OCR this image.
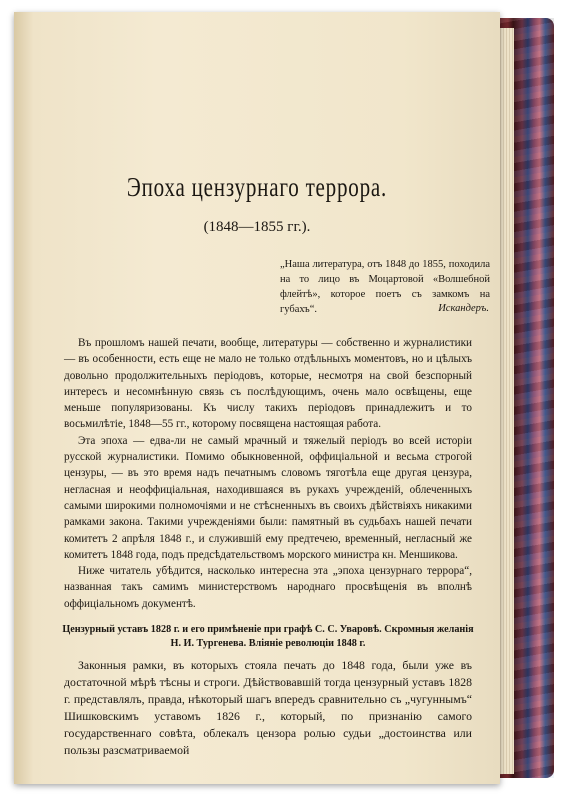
Эпоха цензурнаго террора.
(1848—1855 гг.).
„Наша литература, отъ 1848 до 1855, походила на то лицо въ Моцартовой «Волшебной флейтѣ», которое поетъ съ замкомъ на губахъ“.	Искандеръ.

Въ прошломъ нашей печати, вообще, литературы — собственно и журналистики — въ особенности, есть еще не мало не только отдѣльныхъ моментовъ, но и цѣлыхъ довольно продолжительныхъ періодовъ, которые, несмотря на свой безспорный интересъ и несомнѣнную связь съ послѣдующимъ, очень мало освѣщены, еще меньше популяризованы. Къ числу такихъ періодовъ принадлежитъ и то восьмилѣтіе, 1848—55 гг., которому посвящена настоящая работа.

Эта эпоха — едва-ли не самый мрачный и тяжелый періодъ во всей исторіи русской журналистики. Помимо обыкновенной, оффиціальной и весьма строгой цензуры, — въ это время надъ печатнымъ словомъ тяготѣла еще другая цензура, негласная и неоффиціальная, находившаяся въ рукахъ учрежденій, облеченныхъ самыми широкими полномочіями и не стѣсненныхъ въ своихъ дѣйствіяхъ никакими рамками закона. Такими учрежденіями были: памятный въ судьбахъ нашей печати комитетъ 2 апрѣля 1848 г., и служившій ему предтечею, временный, негласный же комитетъ 1848 года, подъ предсѣдательствомъ морского министра кн. Меншикова.

Ниже читатель убѣдится, насколько интересна эта „эпоха цензурнаго террора“, названная такъ самимъ министерствомъ народнаго просвѣщенія въ вполнѣ оффиціальномъ документѣ.

Цензурный уставъ 1828 г. и его примѣненіе при графѣ С. С. Уваровѣ. Скромныя желанія Н. И. Тургенева. Вліяніе революціи 1848 г.

Законныя рамки, въ которыхъ стояла печать до 1848 года, были уже въ достаточной мѣрѣ тѣсны и строги. Дѣйствовавшій тогда цензурный уставъ 1828 г. представлялъ, правда, нѣкоторый шагъ впередъ сравнительно съ „чугуннымъ“ Шишковскимъ уставомъ 1826 г., который, по признанію самого государственнаго совѣта, облекалъ цензора ролью судьи „достоинства или пользы разсматриваемой
